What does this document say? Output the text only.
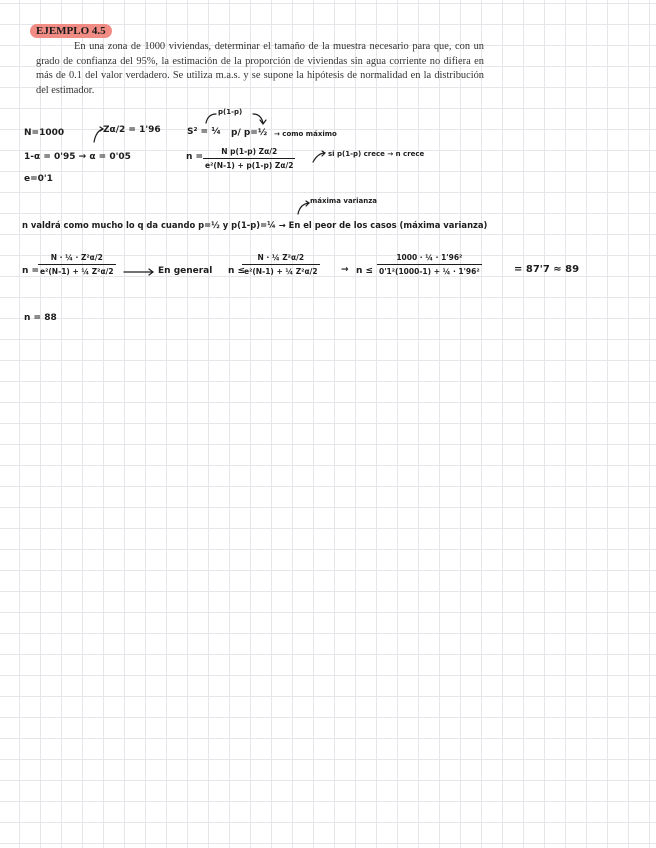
EJEMPLO 4.5
En una zona de 1000 viviendas, determinar el tamaño de la muestra necesario para que, con un grado de confianza del 95%, la estimación de la proporción de viviendas sin agua corriente no difiera en más de 0.1 del valor verdadero. Se utiliza m.a.s. y se supone la hipótesis de normalidad en la distribución del estimador.
N=1000
1-α = 0'95 → α = 0'05
e=0'1
Zα/2 = 1'96
p(1-p)
S² = ¹⁄₄ p/ p=½ → como máximo
$n = \frac{\text{N p(1-p) Zα/2}}{\text{e²(N-1) + p(1-p) Zα/2}}$	si p(1-p) crece → n crece
máxima varianza
n valdrá como mucho lo q da cuando p=½ y p(1-p)=¼ → En el peor de los casos (máxima varianza)
n =
$\frac{\text{N · ¼ · Z²α/2}}{\text{e²(N-1) + ¼ Z²α/2}}$	En general n ≤
$\frac{\text{N · ¼ Z²α/2}}{\text{e²(N-1) + ¼ Z²α/2}} \to n \le \frac{\text{1000 · ¼ · 1'96²}}{\text{0'1²(1000-1) + ¼ · 1'96²}}$	= 87'7 ≈ 89
n = 88
